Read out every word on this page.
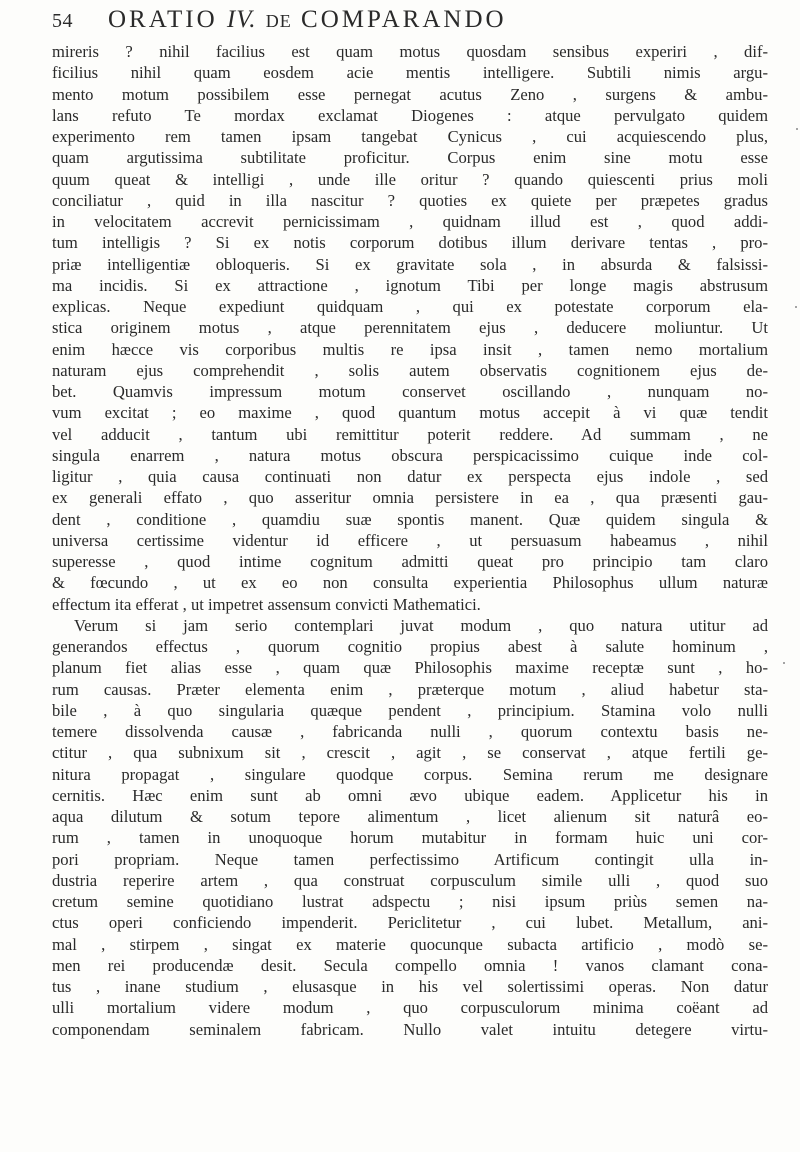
54 ORATIO IV. DE COMPARANDO
mireris ? nihil facilius est quam motus quosdam sensibus experiri , dif-
ficilius nihil quam eosdem acie mentis intelligere. Subtili nimis argu-
mento motum possibilem esse pernegat acutus Zeno , surgens & ambu-
lans refuto Te mordax exclamat Diogenes : atque pervulgato quidem
experimento rem tamen ipsam tangebat Cynicus , cui acquiescendo plus,
quam argutissima subtilitate proficitur. Corpus enim sine motu esse
quum queat & intelligi , unde ille oritur ? quando quiescenti prius moli
conciliatur , quid in illa nascitur ? quoties ex quiete per præpetes gradus
in velocitatem accrevit pernicissimam , quidnam illud est , quod addi-
tum intelligis ? Si ex notis corporum dotibus illum derivare tentas , pro-
priæ intelligentiæ obloqueris. Si ex gravitate sola , in absurda & falsissi-
ma incidis. Si ex attractione , ignotum Tibi per longe magis abstrusum
explicas. Neque expediunt quidquam , qui ex potestate corporum ela-
stica originem motus , atque perennitatem ejus , deducere moliuntur. Ut
enim hæcce vis corporibus multis re ipsa insit , tamen nemo mortalium
naturam ejus comprehendit , solis autem observatis cognitionem ejus de-
bet. Quamvis impressum motum conservet oscillando , nunquam no-
vum excitat ; eo maxime , quod quantum motus accepit à vi quæ tendit
vel adducit , tantum ubi remittitur poterit reddere. Ad summam , ne
singula enarrem , natura motus obscura perspicacissimo cuique inde col-
ligitur , quia causa continuati non datur ex perspecta ejus indole , sed
ex generali effato , quo asseritur omnia persistere in ea , qua præsenti gau-
dent , conditione , quamdiu suæ spontis manent. Quæ quidem singula &
universa certissime videntur id efficere , ut persuasum habeamus , nihil
superesse , quod intime cognitum admitti queat pro principio tam claro
& fœcundo , ut ex eo non consulta experientia Philosophus ullum naturæ
effectum ita efferat , ut impetret assensum convicti Mathematici.
Verum si jam serio contemplari juvat modum , quo natura utitur ad
generandos effectus , quorum cognitio propius abest à salute hominum ,
planum fiet alias esse , quam quæ Philosophis maxime receptæ sunt , ho-
rum causas. Præter elementa enim , præterque motum , aliud habetur sta-
bile , à quo singularia quæque pendent , principium. Stamina volo nulli
temere dissolvenda causæ , fabricanda nulli , quorum contextu basis ne-
ctitur , qua subnixum sit , crescit , agit , se conservat , atque fertili ge-
nitura propagat , singulare quodque corpus. Semina rerum me designare
cernitis. Hæc enim sunt ab omni ævo ubique eadem. Applicetur his in
aqua dilutum & sotum tepore alimentum , licet alienum sit naturâ eo-
rum , tamen in unoquoque horum mutabitur in formam huic uni cor-
pori propriam. Neque tamen perfectissimo Artificum contingit ulla in-
dustria reperire artem , qua construat corpusculum simile ulli , quod suo
cretum semine quotidiano lustrat adspectu ; nisi ipsum priùs semen na-
ctus operi conficiendo impenderit. Periclitetur , cui lubet. Metallum, ani-
mal , stirpem , singat ex materie quocunque subacta artificio , modò se-
men rei producendæ desit. Secula compello omnia ! vanos clamant cona-
tus , inane studium , elusasque in his vel solertissimi operas. Non datur
ulli mortalium videre modum , quo corpusculorum minima coëant ad
componendam seminalem fabricam. Nullo valet intuitu detegere virtu-
